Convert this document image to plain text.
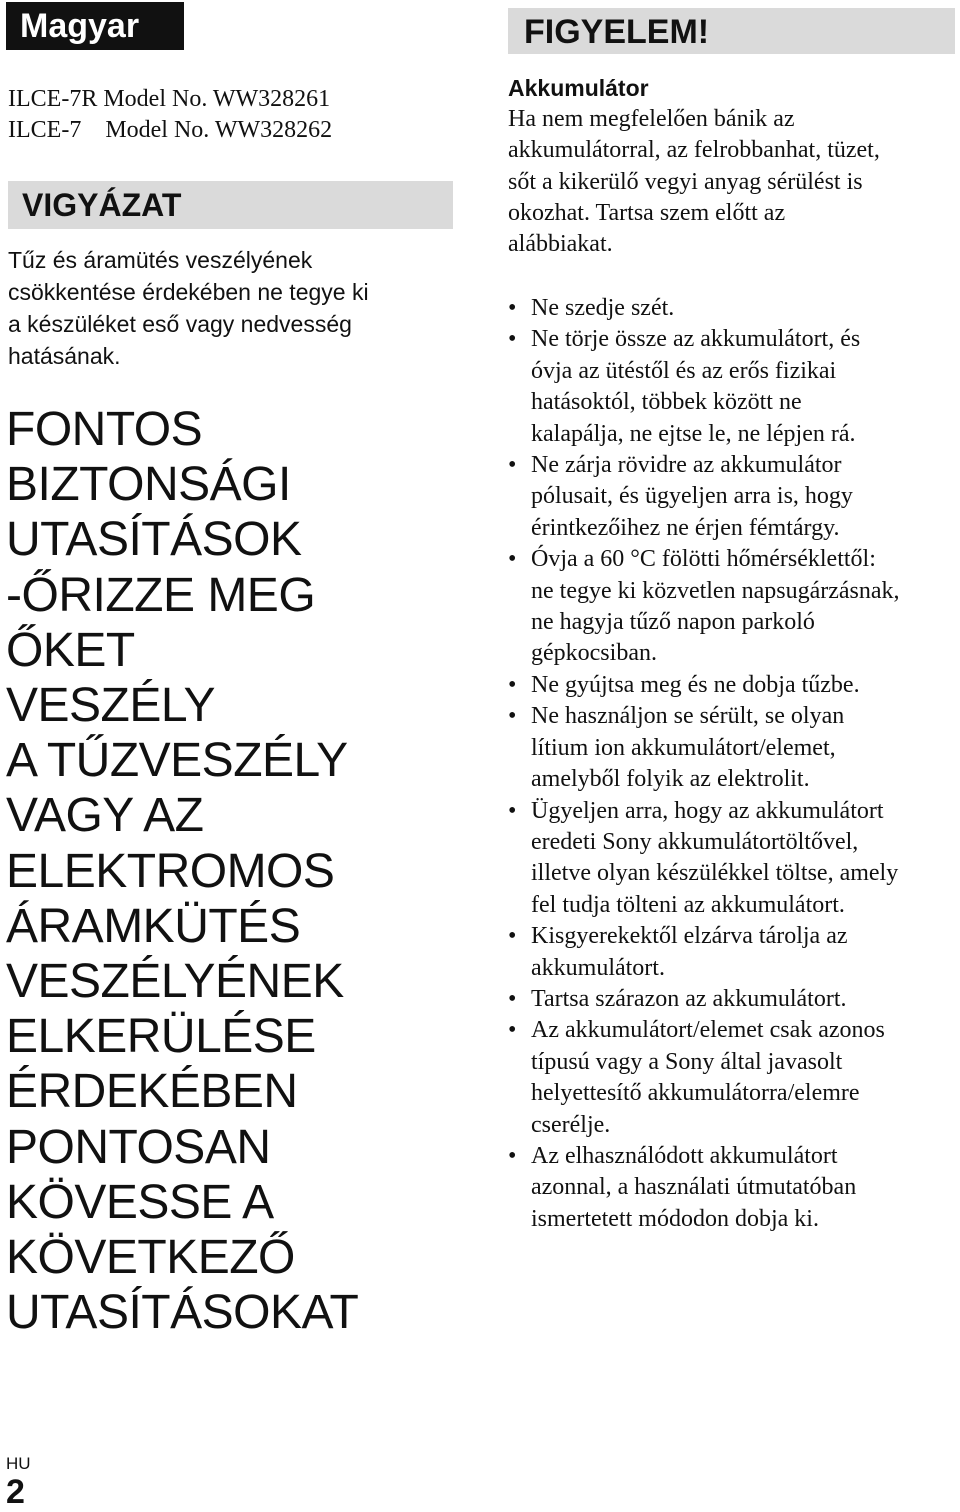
Magyar
ILCE-7R Model No. WW328261
ILCE-7    Model No. WW328262
VIGYÁZAT
Tűz és áramütés veszélyének
csökkentése érdekében ne tegye ki
a készüléket eső vagy nedvesség
hatásának.
FONTOS
BIZTONSÁGI
UTASÍTÁSOK
-ŐRIZZE MEG
ŐKET
VESZÉLY
A TŰZVESZÉLY
VAGY AZ
ELEKTROMOS
ÁRAMKÜTÉS
VESZÉLYÉNEK
ELKERÜLÉSE
ÉRDEKÉBEN
PONTOSAN
KÖVESSE A
KÖVETKEZŐ
UTASÍTÁSOKAT
FIGYELEM!
Akkumulátor
Ha nem megfelelően bánik az
akkumulátorral, az felrobbanhat, tüzet,
sőt a kikerülő vegyi anyag sérülést is
okozhat. Tartsa szem előtt az
alábbiakat.
• Ne szedje szét.
• Ne törje össze az akkumulátort, és
óvja az ütéstől és az erős fizikai
hatásoktól, többek között ne
kalapálja, ne ejtse le, ne lépjen rá.
• Ne zárja rövidre az akkumulátor
pólusait, és ügyeljen arra is, hogy
érintkezőihez ne érjen fémtárgy.
• Óvja a 60 °C fölötti hőmérséklettől:
ne tegye ki közvetlen napsugárzásnak,
ne hagyja tűző napon parkoló
gépkocsiban.
• Ne gyújtsa meg és ne dobja tűzbe.
• Ne használjon se sérült, se olyan
lítium ion akkumulátort/elemet,
amelyből folyik az elektrolit.
• Ügyeljen arra, hogy az akkumulátort
eredeti Sony akkumulátortöltővel,
illetve olyan készülékkel töltse, amely
fel tudja tölteni az akkumulátort.
• Kisgyerekektől elzárva tárolja az
akkumulátort.
• Tartsa szárazon az akkumulátort.
• Az akkumulátort/elemet csak azonos
típusú vagy a Sony által javasolt
helyettesítő akkumulátorra/elemre
cserélje.
• Az elhasználódott akkumulátort
azonnal, a használati útmutatóban
ismertetett módodon dobja ki.
HU
2
